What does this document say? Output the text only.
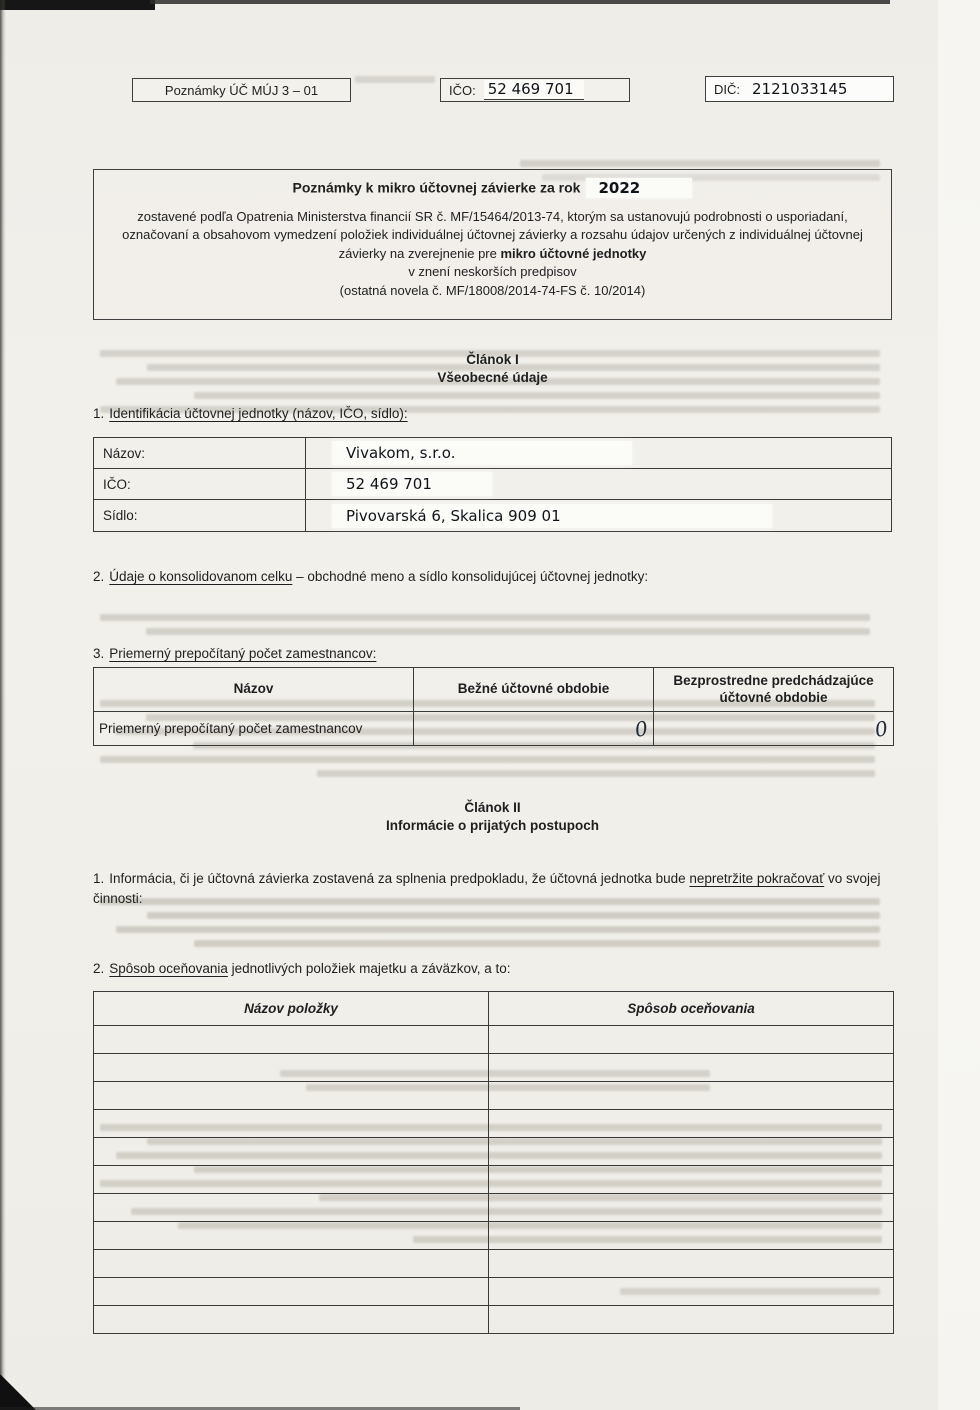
Poznámky ÚČ MÚJ 3 – 01	IČO: 52 469 701	DIČ: 2121033145
Poznámky k mikro účtovnej závierke za rok 2022
zostavené podľa Opatrenia Ministerstva financií SR č. MF/15464/2013-74, ktorým sa ustanovujú podrobnosti o usporiadaní, označovaní a obsahovom vymedzení položiek individuálnej účtovnej závierky a rozsahu údajov určených z individuálnej účtovnej závierky na zverejnenie pre mikro účtovné jednotky
v znení neskorších predpisov
(ostatná novela č. MF/18008/2014-74-FS č. 10/2014)
Článok I
Všeobecné údaje
1. Identifikácia účtovnej jednotky (názov, IČO, sídlo):
Názov:	Vivakom, s.r.o.
IČO:	52 469 701
Sídlo:	Pivovarská 6, Skalica 909 01
2. Údaje o konsolidovanom celku – obchodné meno a sídlo konsolidujúcej účtovnej jednotky:
3. Priemerný prepočítaný počet zamestnancov:
Názov	Bežné účtovné obdobie	Bezprostredne predchádzajúce účtovné obdobie
Priemerný prepočítaný počet zamestnancov	0	0
Článok II
Informácie o prijatých postupoch
1. Informácia, či je účtovná závierka zostavená za splnenia predpokladu, že účtovná jednotka bude nepretržite pokračovať vo svojej činnosti:
2. Spôsob oceňovania jednotlivých položiek majetku a záväzkov, a to:
Názov položky	Spôsob oceňovania
